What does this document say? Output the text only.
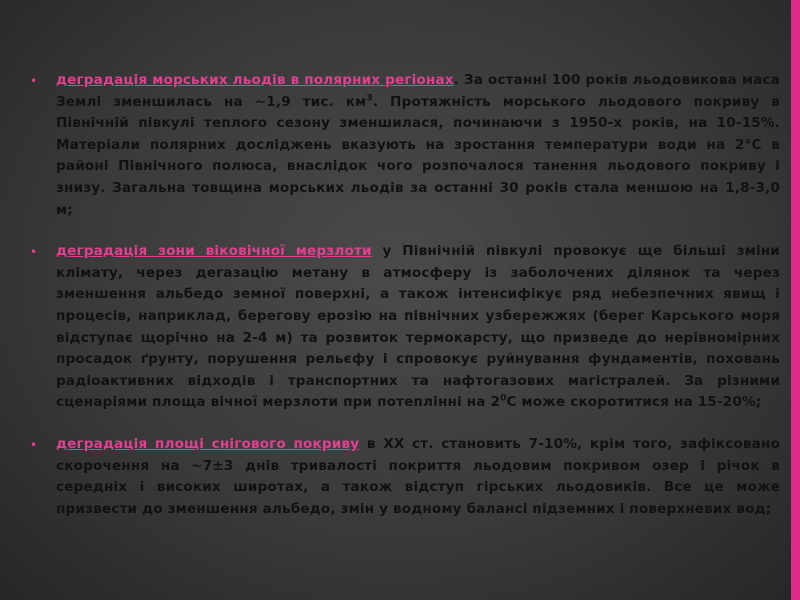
•	деградація морських льодів в полярних регіонах. За останні 100 років льодовикова маса Землі зменшилась на ~1,9 тис. $км^3$. Протяжність морського льодового покриву в Північній півкулі теплого сезону зменшилася, починаючи з 1950-х років, на 10-15%. Матеріали полярних досліджень вказують на зростання температури води на 2°C в районі Північного полюса, внаслідок чого розпочалося танення льодового покриву і знизу. Загальна товщина морських льодів за останні 30 років стала меншою на 1,8-3,0 м;

•	деградація зони віковічної мерзлоти у Північній півкулі провокує ще більші зміни клімату, через дегазацію метану в атмосферу із заболочених ділянок та через зменшення альбедо земної поверхні, а також інтенсифікує ряд небезпечних явищ і процесів, наприклад, берегову ерозію на північних узбережжях (берег Карського моря відступає щорічно на 2-4 м) та розвиток термокарсту, що призведе до нерівномірних просадок ґрунту, порушення рельєфу і спровокує руйнування фундаментів, поховань радіоактивних відходів і транспортних та нафтогазових магістралей. За різними сценаріями площа вічної мерзлоти при потеплінні на $2^0C$ може скоротитися на 15-20%;

•	деградація площі снігового покриву в XX ст. становить 7-10%, крім того, зафіксовано скорочення на ~7±3 днів тривалості покриття льодовим покривом озер і річок в середніх і високих широтах, а також відступ гірських льодовиків. Все це може призвести до зменшення альбедо, змін у водному балансі підземних і поверхневих вод;
